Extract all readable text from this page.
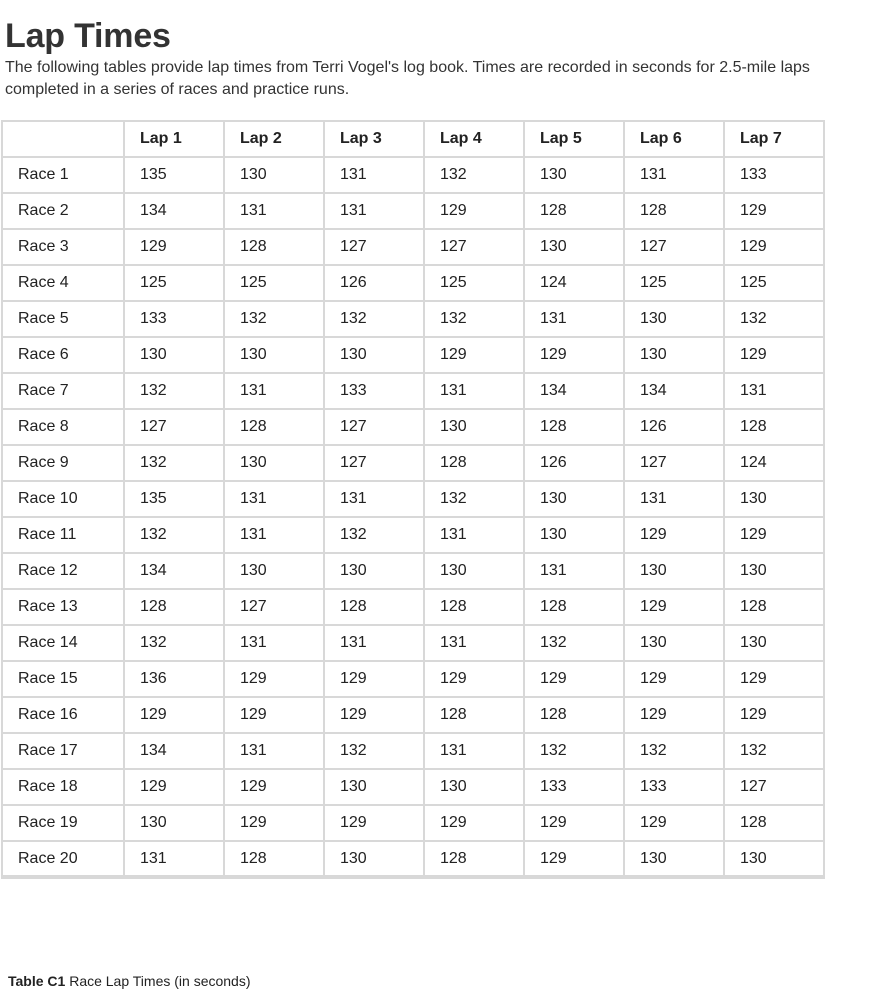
Lap Times

The following tables provide lap times from Terri Vogel's log book. Times are recorded in seconds for 2.5-mile laps completed in a series of races and practice runs.

	Lap 1	Lap 2	Lap 3	Lap 4	Lap 5	Lap 6	Lap 7
Race 1	135	130	131	132	130	131	133
Race 2	134	131	131	129	128	128	129
Race 3	129	128	127	127	130	127	129
Race 4	125	125	126	125	124	125	125
Race 5	133	132	132	132	131	130	132
Race 6	130	130	130	129	129	130	129
Race 7	132	131	133	131	134	134	131
Race 8	127	128	127	130	128	126	128
Race 9	132	130	127	128	126	127	124
Race 10	135	131	131	132	130	131	130
Race 11	132	131	132	131	130	129	129
Race 12	134	130	130	130	131	130	130
Race 13	128	127	128	128	128	129	128
Race 14	132	131	131	131	132	130	130
Race 15	136	129	129	129	129	129	129
Race 16	129	129	129	128	128	129	129
Race 17	134	131	132	131	132	132	132
Race 18	129	129	130	130	133	133	127
Race 19	130	129	129	129	129	129	128
Race 20	131	128	130	128	129	130	130
Table C1 Race Lap Times (in seconds)
